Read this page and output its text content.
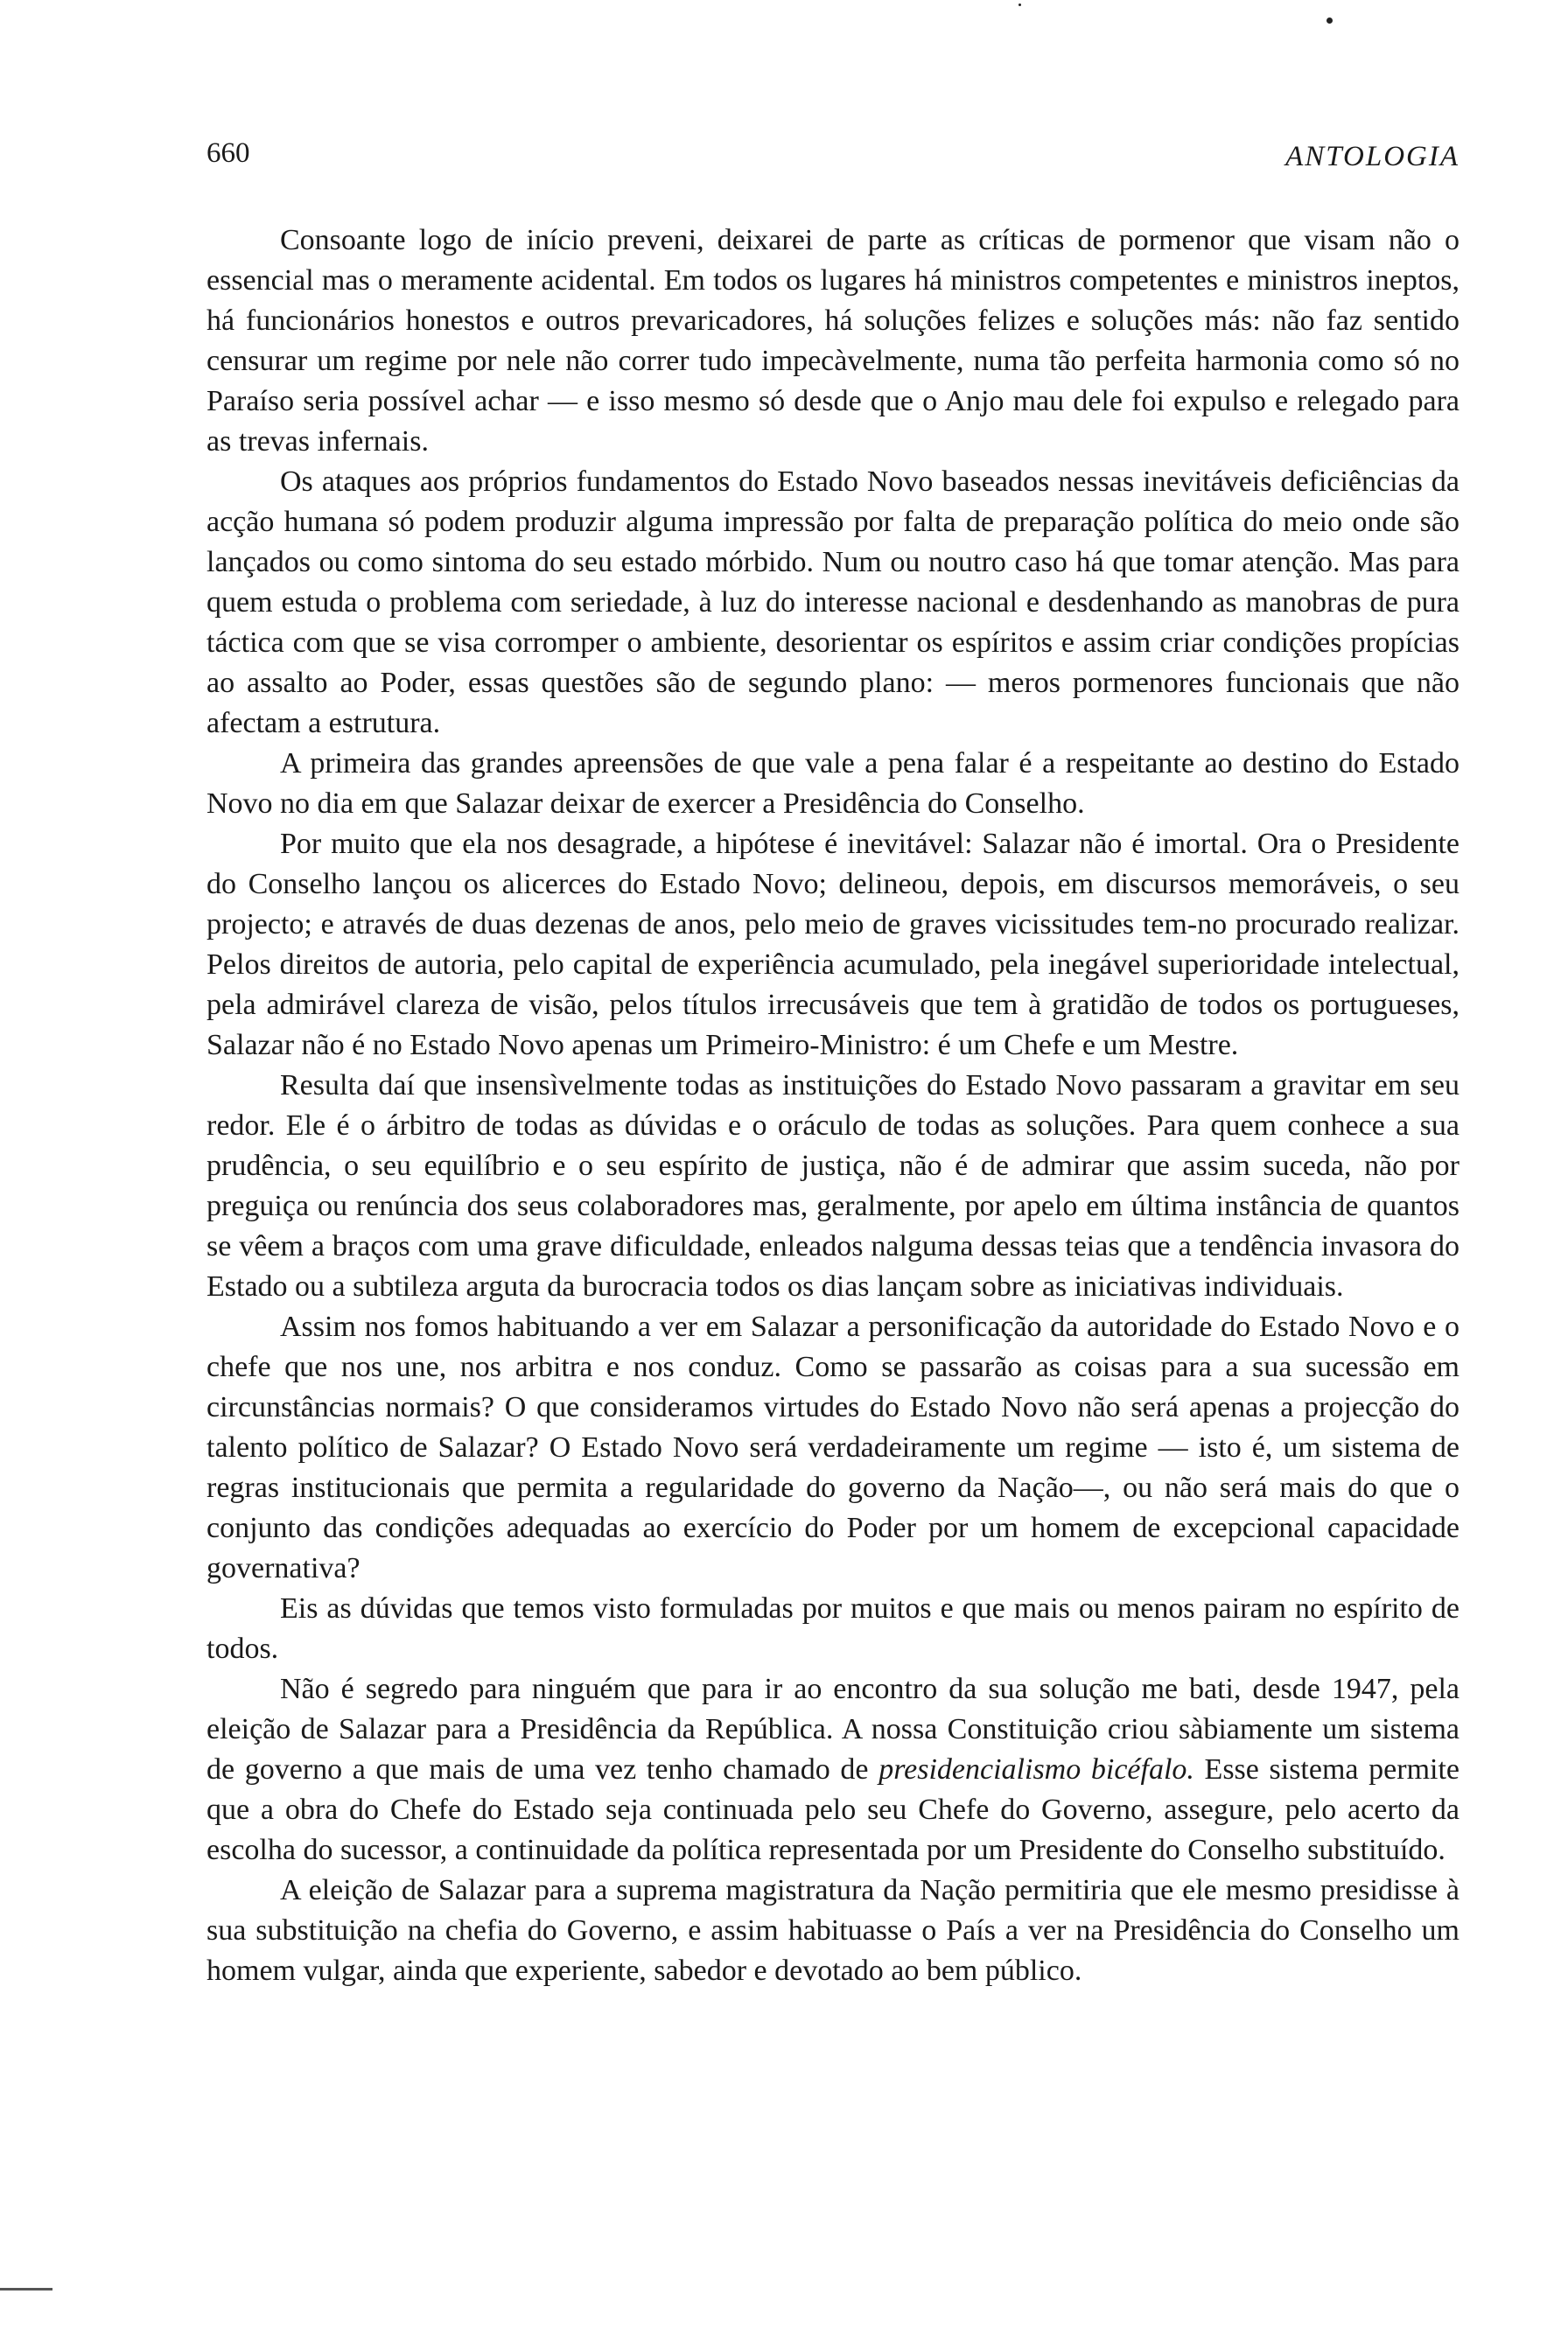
660	ANTOLOGIA

Consoante logo de início preveni, deixarei de parte as críticas de pormenor que visam não o essencial mas o meramente acidental. Em todos os lugares há ministros competentes e ministros ineptos, há funcionários honestos e outros prevaricadores, há soluções felizes e soluções más: não faz sentido censurar um regime por nele não correr tudo impecàvelmente, numa tão perfeita harmonia como só no Paraíso seria possível achar — e isso mesmo só desde que o Anjo mau dele foi expulso e relegado para as trevas infernais.

Os ataques aos próprios fundamentos do Estado Novo baseados nessas inevitáveis deficiências da acção humana só podem produzir alguma impressão por falta de preparação política do meio onde são lançados ou como sintoma do seu estado mórbido. Num ou noutro caso há que tomar atenção. Mas para quem estuda o problema com seriedade, à luz do interesse nacional e desdenhando as manobras de pura táctica com que se visa corromper o ambiente, desorientar os espíritos e assim criar condições propícias ao assalto ao Poder, essas questões são de segundo plano: — meros pormenores funcionais que não afectam a estrutura.

A primeira das grandes apreensões de que vale a pena falar é a respeitante ao destino do Estado Novo no dia em que Salazar deixar de exercer a Presidência do Conselho.

Por muito que ela nos desagrade, a hipótese é inevitável: Salazar não é imortal. Ora o Presidente do Conselho lançou os alicerces do Estado Novo; delineou, depois, em discursos memoráveis, o seu projecto; e através de duas dezenas de anos, pelo meio de graves vicissitudes tem-no procurado realizar. Pelos direitos de autoria, pelo capital de experiência acumulado, pela inegável superioridade intelectual, pela admirável clareza de visão, pelos títulos irrecusáveis que tem à gratidão de todos os portugueses, Salazar não é no Estado Novo apenas um Primeiro-Ministro: é um Chefe e um Mestre.

Resulta daí que insensìvelmente todas as instituições do Estado Novo passaram a gravitar em seu redor. Ele é o árbitro de todas as dúvidas e o oráculo de todas as soluções. Para quem conhece a sua prudência, o seu equilíbrio e o seu espírito de justiça, não é de admirar que assim suceda, não por preguiça ou renúncia dos seus colaboradores mas, geralmente, por apelo em última instância de quantos se vêem a braços com uma grave dificuldade, enleados nalguma dessas teias que a tendência invasora do Estado ou a subtileza arguta da burocracia todos os dias lançam sobre as iniciativas individuais.

Assim nos fomos habituando a ver em Salazar a personificação da autoridade do Estado Novo e o chefe que nos une, nos arbitra e nos conduz. Como se passarão as coisas para a sua sucessão em circunstâncias normais? O que consideramos virtudes do Estado Novo não será apenas a projecção do talento político de Salazar? O Estado Novo será verdadeiramente um regime — isto é, um sistema de regras institucionais que permita a regularidade do governo da Nação—, ou não será mais do que o conjunto das condições adequadas ao exercício do Poder por um homem de excepcional capacidade governativa?

Eis as dúvidas que temos visto formuladas por muitos e que mais ou menos pairam no espírito de todos.

Não é segredo para ninguém que para ir ao encontro da sua solução me bati, desde 1947, pela eleição de Salazar para a Presidência da República. A nossa Constituição criou sàbiamente um sistema de governo a que mais de uma vez tenho chamado de presidencialismo bicéfalo. Esse sistema permite que a obra do Chefe do Estado seja continuada pelo seu Chefe do Governo, assegure, pelo acerto da escolha do sucessor, a continuidade da política representada por um Presidente do Conselho substituído.

A eleição de Salazar para a suprema magistratura da Nação permitiria que ele mesmo presidisse à sua substituição na chefia do Governo, e assim habituasse o País a ver na Presidência do Conselho um homem vulgar, ainda que experiente, sabedor e devotado ao bem público.
